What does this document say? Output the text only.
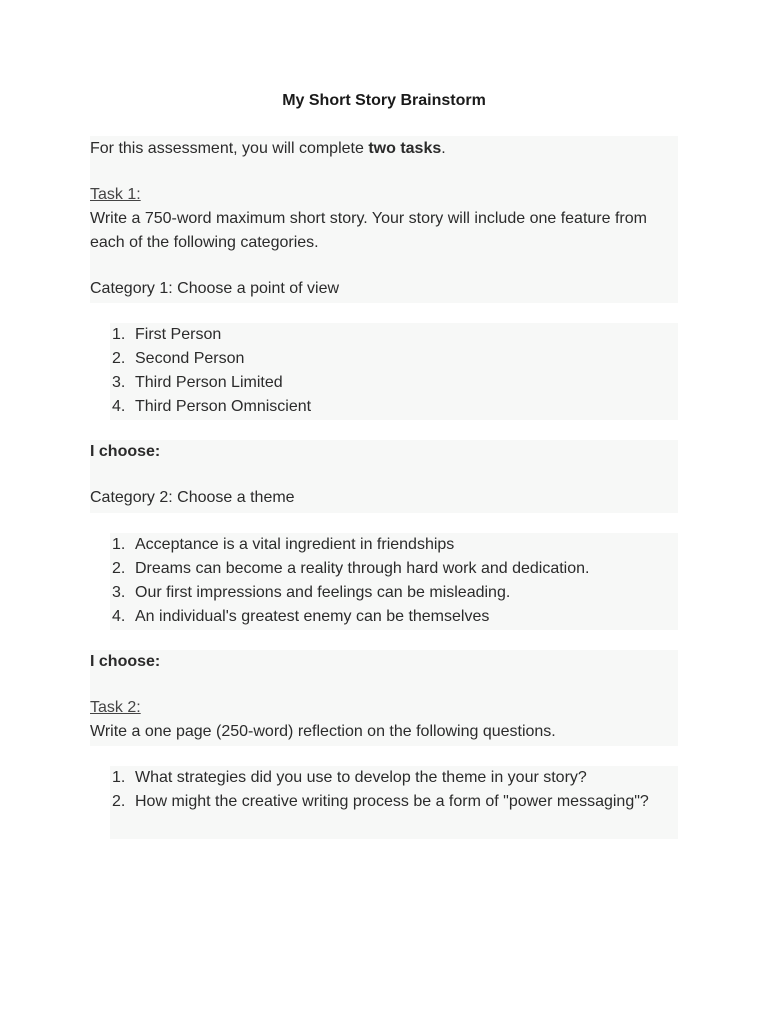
My Short Story Brainstorm

For this assessment, you will complete two tasks.

Task 1:

Write a 750-word maximum short story. Your story will include one feature from each of the following categories.

Category 1: Choose a point of view

1. First Person
2. Second Person
3. Third Person Limited
4. Third Person Omniscient

I choose:

Category 2: Choose a theme

1. Acceptance is a vital ingredient in friendships
2. Dreams can become a reality through hard work and dedication.
3. Our first impressions and feelings can be misleading.
4. An individual's greatest enemy can be themselves

I choose:

Task 2:

Write a one page (250-word) reflection on the following questions.

1. What strategies did you use to develop the theme in your story?
2. How might the creative writing process be a form of "power messaging"?
